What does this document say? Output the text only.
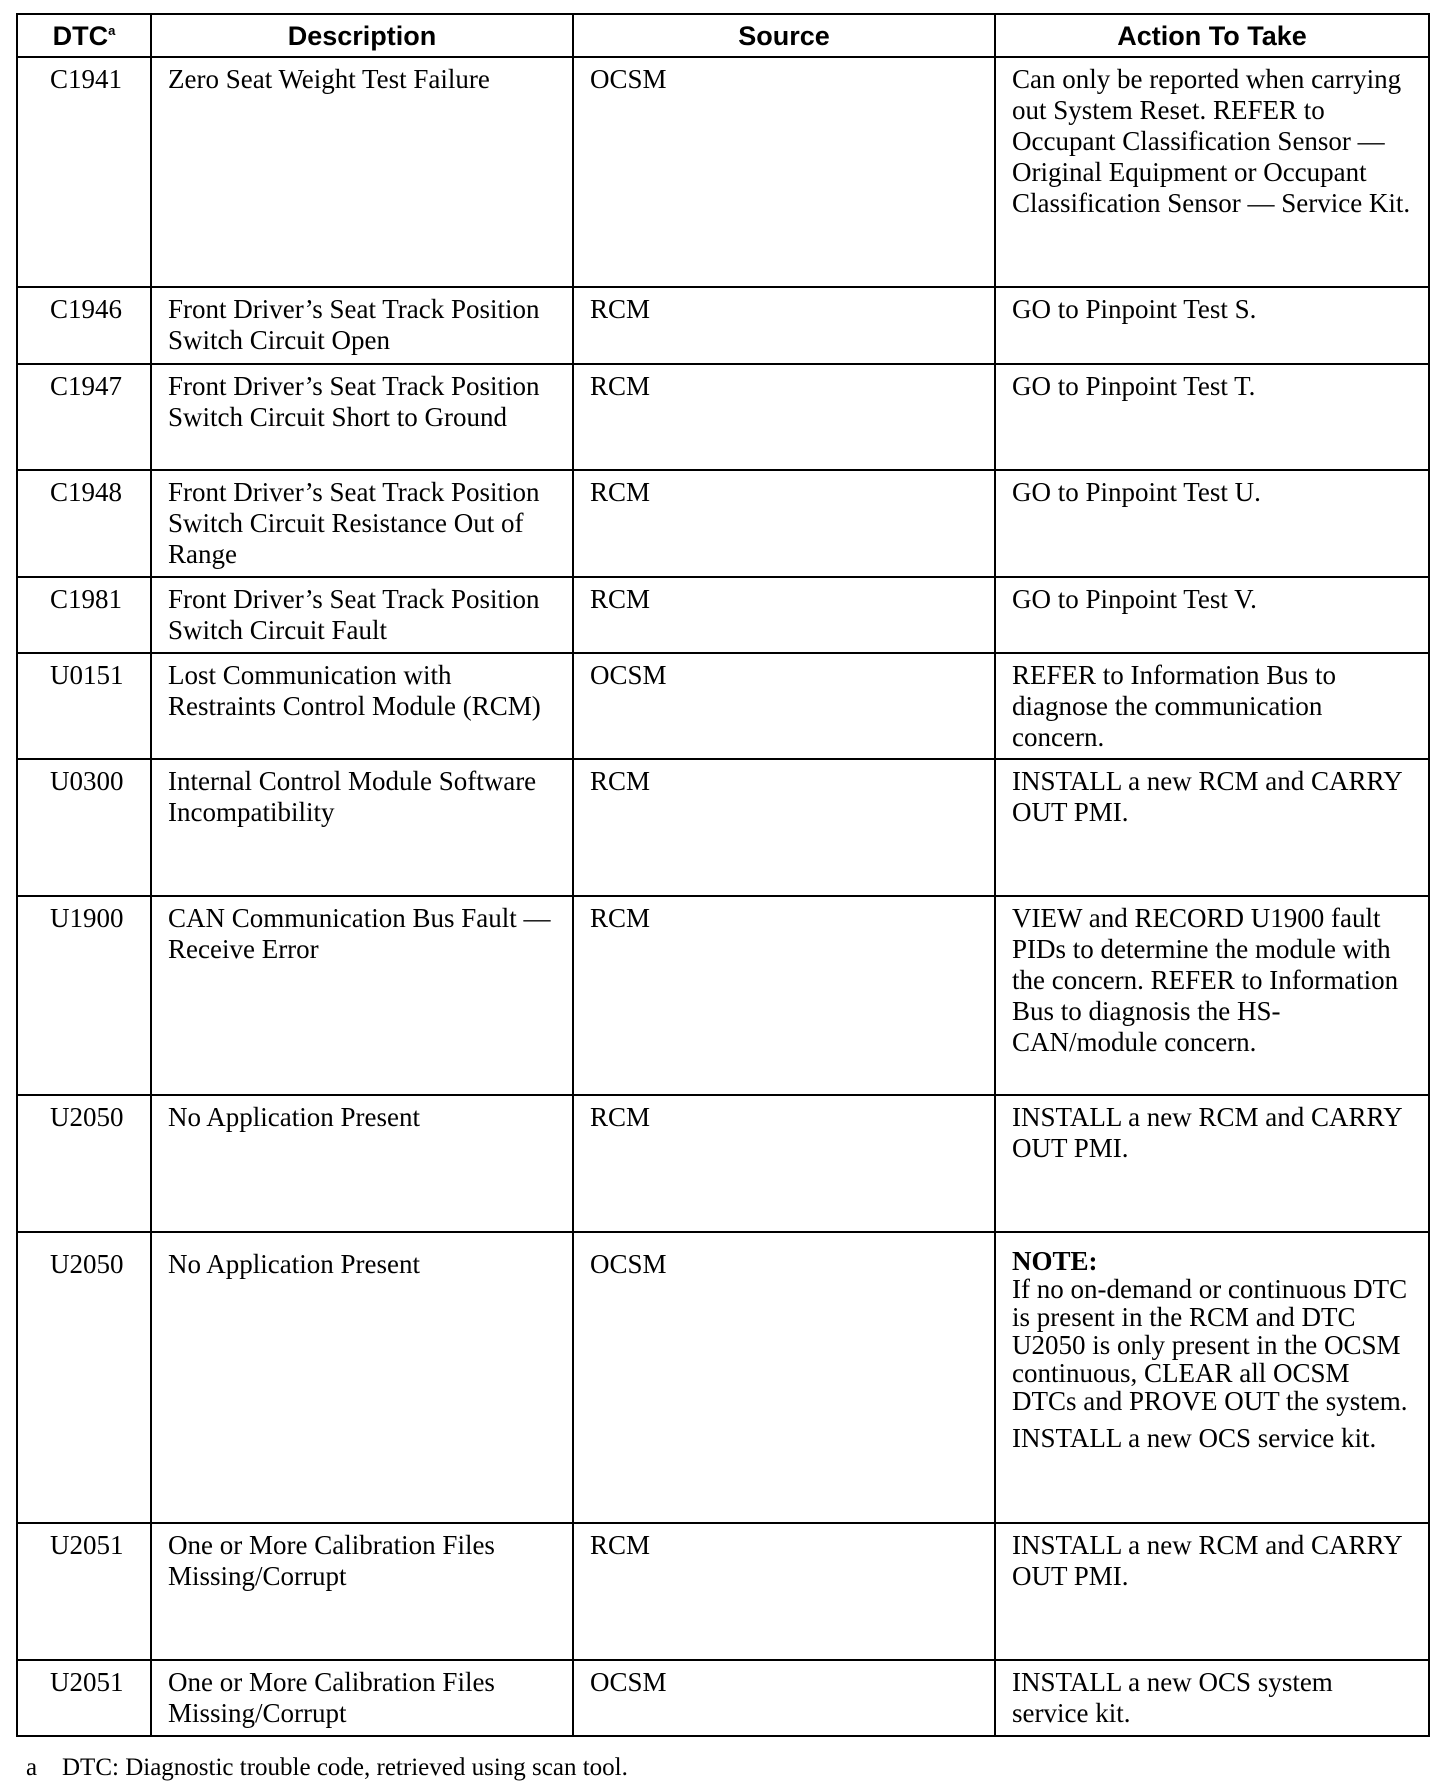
DTC$^a$	Description	Source	Action To Take
C1941	Zero Seat Weight Test Failure	OCSM	Can only be reported when carrying out System Reset. REFER to Occupant Classification Sensor — Original Equipment or Occupant Classification Sensor — Service Kit.
C1946	Front Driver’s Seat Track Position Switch Circuit Open	RCM	GO to Pinpoint Test S.
C1947	Front Driver’s Seat Track Position Switch Circuit Short to Ground	RCM	GO to Pinpoint Test T.
C1948	Front Driver’s Seat Track Position Switch Circuit Resistance Out of Range	RCM	GO to Pinpoint Test U.
C1981	Front Driver’s Seat Track Position Switch Circuit Fault	RCM	GO to Pinpoint Test V.
U0151	Lost Communication with Restraints Control Module (RCM)	OCSM	REFER to Information Bus to diagnose the communication concern.
U0300	Internal Control Module Software Incompatibility	RCM	INSTALL a new RCM and CARRY OUT PMI.
U1900	CAN Communication Bus Fault — Receive Error	RCM	VIEW and RECORD U1900 fault PIDs to determine the module with the concern. REFER to Information Bus to diagnosis the HS-CAN/module concern.
U2050	No Application Present	RCM	INSTALL a new RCM and CARRY OUT PMI.
U2050	No Application Present	OCSM	NOTE:
If no on-demand or continuous DTC is present in the RCM and DTC U2050 is only present in the OCSM continuous, CLEAR all OCSM DTCs and PROVE OUT the system.
INSTALL a new OCS service kit.

U2051	One or More Calibration Files Missing/Corrupt	RCM	INSTALL a new RCM and CARRY OUT PMI.
U2051	One or More Calibration Files Missing/Corrupt	OCSM	INSTALL a new OCS system service kit.
a DTC: Diagnostic trouble code, retrieved using scan tool.
